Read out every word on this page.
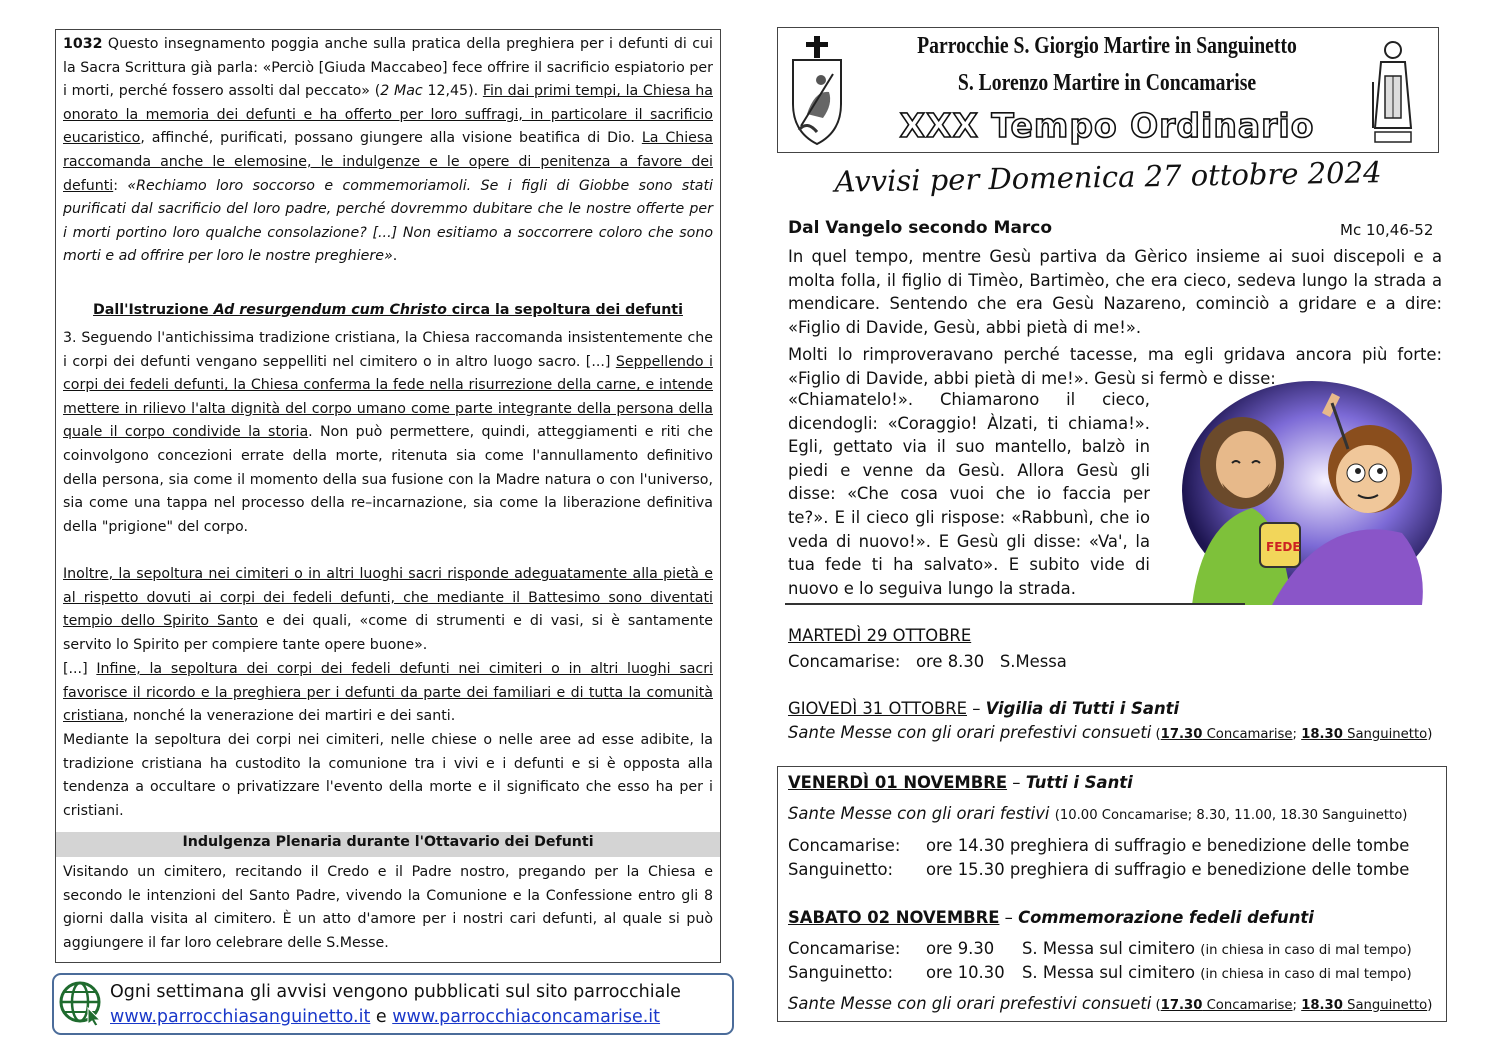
1032 Questo insegnamento poggia anche sulla pratica della preghiera per i defunti di cui la Sacra Scrittura già parla: «Perciò [Giuda Maccabeo] fece offrire il sacrificio espiatorio per i morti, perché fossero assolti dal peccato» (2 Mac 12,45). Fin dai primi tempi, la Chiesa ha onorato la memoria dei defunti e ha offerto per loro suffragi, in particolare il sacrificio eucaristico, affinché, purificati, possano giungere alla visione beatifica di Dio. La Chiesa raccomanda anche le elemosine, le indulgenze e le opere di penitenza a favore dei defunti: «Rechiamo loro soccorso e commemoriamoli. Se i figli di Giobbe sono stati purificati dal sacrificio del loro padre, perché dovremmo dubitare che le nostre offerte per i morti portino loro qualche consolazione? [...] Non esitiamo a soccorrere coloro che sono morti e ad offrire per loro le nostre preghiere».

Dall'Istruzione Ad resurgendum cum Christo circa la sepoltura dei defunti

3. Seguendo l'antichissima tradizione cristiana, la Chiesa raccomanda insistentemente che i corpi dei defunti vengano seppelliti nel cimitero o in altro luogo sacro. [...] Seppellendo i corpi dei fedeli defunti, la Chiesa conferma la fede nella risurrezione della carne, e intende mettere in rilievo l'alta dignità del corpo umano come parte integrante della persona della quale il corpo condivide la storia. Non può permettere, quindi, atteggiamenti e riti che coinvolgono concezioni errate della morte, ritenuta sia come l'annullamento definitivo della persona, sia come il momento della sua fusione con la Madre natura o con l'universo, sia come una tappa nel processo della re–incarnazione, sia come la liberazione definitiva della "prigione" del corpo.

Inoltre, la sepoltura nei cimiteri o in altri luoghi sacri risponde adeguatamente alla pietà e al rispetto dovuti ai corpi dei fedeli defunti, che mediante il Battesimo sono diventati tempio dello Spirito Santo e dei quali, «come di strumenti e di vasi, si è santamente servito lo Spirito per compiere tante opere buone».

[...] Infine, la sepoltura dei corpi dei fedeli defunti nei cimiteri o in altri luoghi sacri favorisce il ricordo e la preghiera per i defunti da parte dei familiari e di tutta la comunità cristiana, nonché la venerazione dei martiri e dei santi.

Mediante la sepoltura dei corpi nei cimiteri, nelle chiese o nelle aree ad esse adibite, la tradizione cristiana ha custodito la comunione tra i vivi e i defunti e si è opposta alla tendenza a occultare o privatizzare l'evento della morte e il significato che esso ha per i cristiani.

Indulgenza Plenaria durante l'Ottavario dei Defunti

Visitando un cimitero, recitando il Credo e il Padre nostro, pregando per la Chiesa e secondo le intenzioni del Santo Padre, vivendo la Comunione e la Confessione entro gli 8 giorni dalla visita al cimitero. È un atto d'amore per i nostri cari defunti, al quale si può aggiungere il far loro celebrare delle S.Messe.

Ogni settimana gli avvisi vengono pubblicati sul sito parrocchiale
www.parrocchiasanguinetto.it e www.parrocchiaconcamarise.it
Parrocchie S. Giorgio Martire in Sanguinetto
S. Lorenzo Martire in Concamarise
XXX Tempo Ordinario
Avvisi per Domenica 27 ottobre 2024
Dal Vangelo secondo Marco	Mc 10,46-52

In quel tempo, mentre Gesù partiva da Gèrico insieme ai suoi discepoli e a molta folla, il figlio di Timèo, Bartimèo, che era cieco, sedeva lungo la strada a mendicare. Sentendo che era Gesù Nazareno, cominciò a gridare e a dire: «Figlio di Davide, Gesù, abbi pietà di me!».

Molti lo rimproveravano perché tacesse, ma egli gridava ancora più forte: «Figlio di Davide, abbi pietà di me!». Gesù si fermò e disse:

«Chiamatelo!». Chiamarono il cieco, dicendogli: «Coraggio! Àlzati, ti chiama!». Egli, gettato via il suo mantello, balzò in piedi e venne da Gesù. Allora Gesù gli disse: «Che cosa vuoi che io faccia per te?». E il cieco gli rispose: «Rabbunì, che io veda di nuovo!». E Gesù gli disse: «Va', la tua fede ti ha salvato». E subito vide di nuovo e lo seguiva lungo la strada.

FEDE
MARTEDÌ 29 OTTOBRE
Concamarise: ore 8.30 S.Messa
GIOVEDÌ 31 OTTOBRE – Vigilia di Tutti i Santi
Sante Messe con gli orari prefestivi consueti (17.30 Concamarise; 18.30 Sanguinetto)
VENERDÌ 01 NOVEMBRE – Tutti i Santi
Sante Messe con gli orari festivi (10.00 Concamarise; 8.30, 11.00, 18.30 Sanguinetto)
Concamarise: ore 14.30 preghiera di suffragio e benedizione delle tombe
Sanguinetto: ore 15.30 preghiera di suffragio e benedizione delle tombe
SABATO 02 NOVEMBRE – Commemorazione fedeli defunti
Concamarise: ore 9.30 S. Messa sul cimitero (in chiesa in caso di mal tempo)
Sanguinetto: ore 10.30 S. Messa sul cimitero (in chiesa in caso di mal tempo)
Sante Messe con gli orari prefestivi consueti (17.30 Concamarise; 18.30 Sanguinetto)
